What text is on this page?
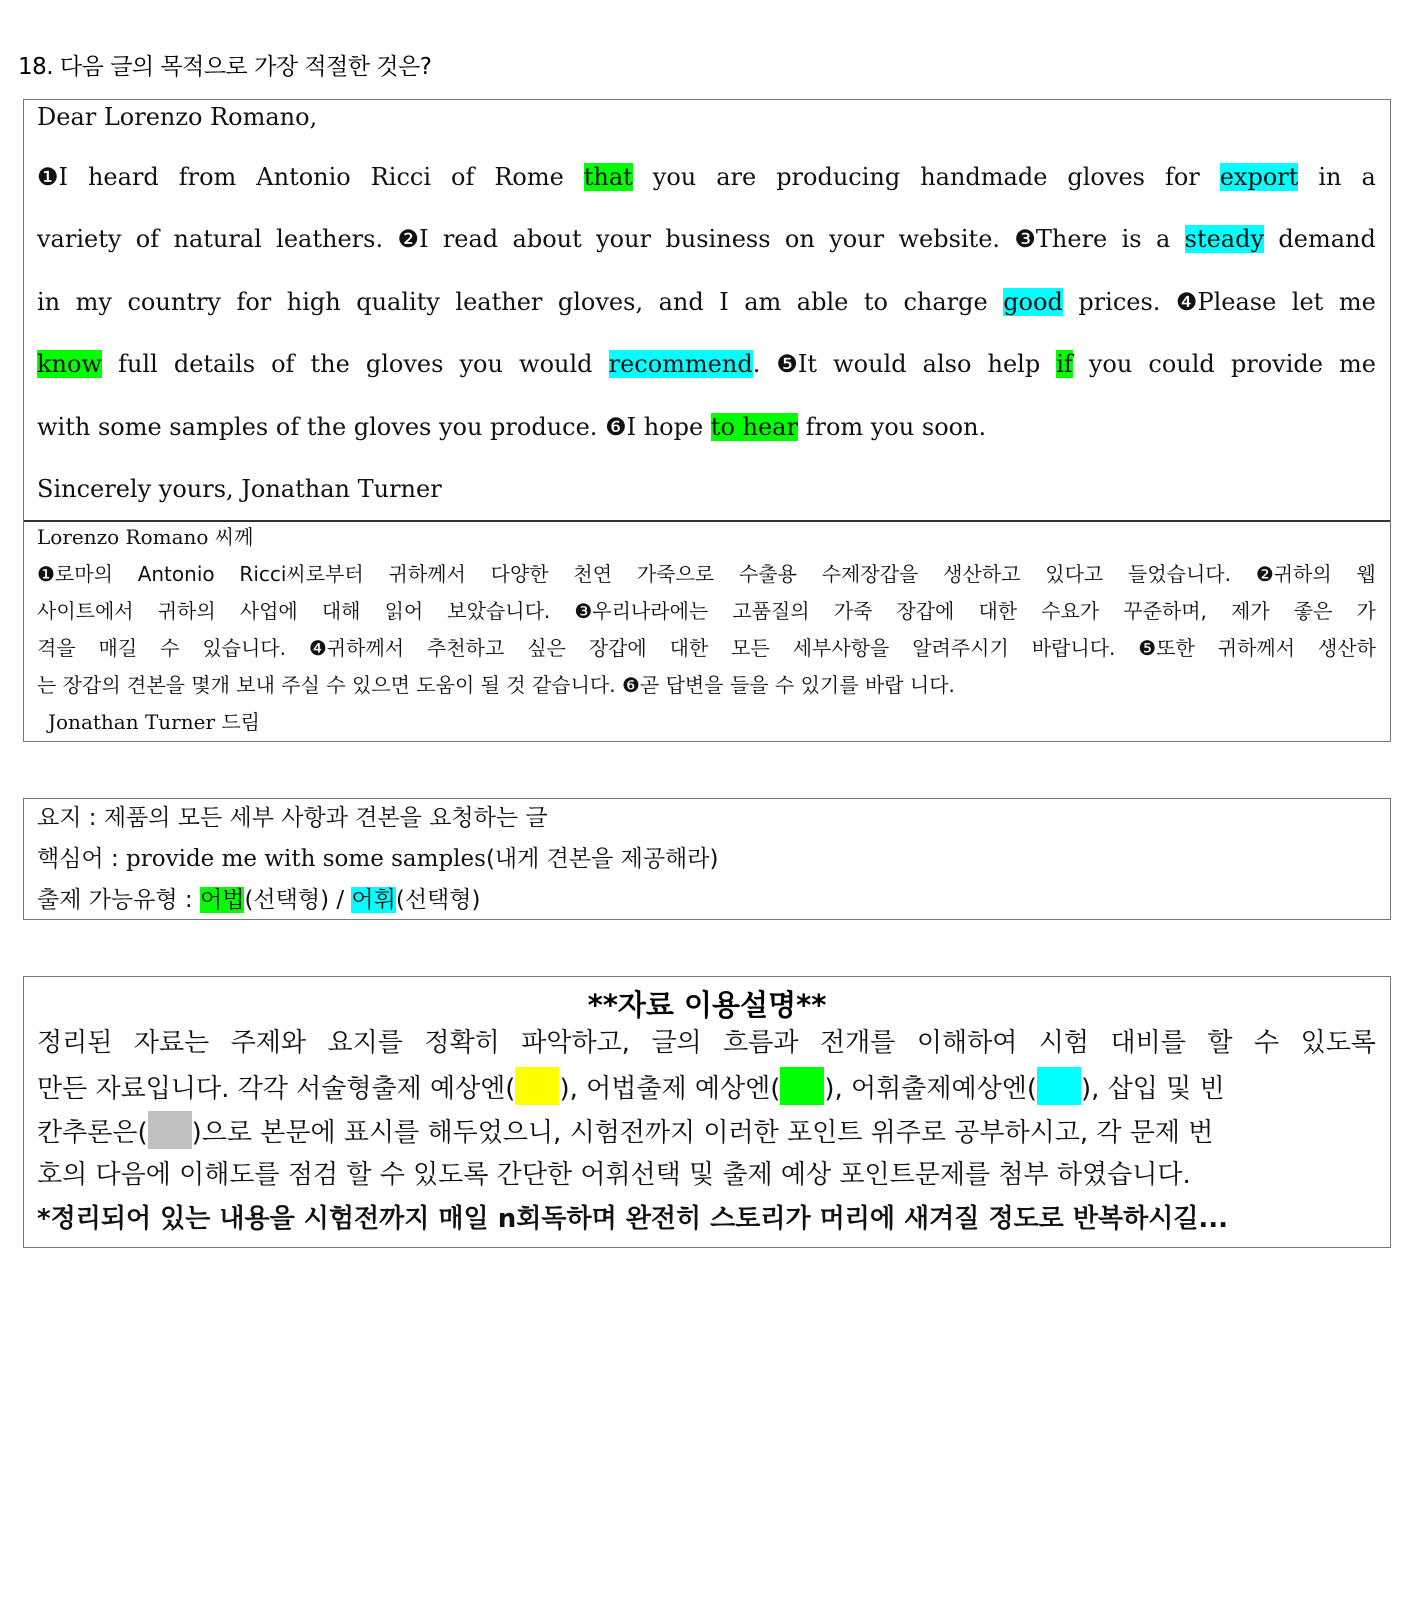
18. 다음 글의 목적으로 가장 적절한 것은?
Dear Lorenzo Romano,
❶I heard from Antonio Ricci of Rome that you are producing handmade gloves for export in a
variety of natural leathers. ❷I read about your business on your website. ❸There is a steady demand
in my country for high quality leather gloves, and I am able to charge good prices. ❹Please let me
know full details of the gloves you would recommend. ❺It would also help if you could provide me
with some samples of the gloves you produce. ❻I hope to hear from you soon.
Sincerely yours, Jonathan Turner
Lorenzo Romano 씨께
❶로마의 Antonio Ricci씨로부터 귀하께서 다양한 천연 가죽으로 수출용 수제장갑을 생산하고 있다고 들었습니다. ❷귀하의 웹
사이트에서 귀하의 사업에 대해 읽어 보았습니다. ❸우리나라에는 고품질의 가죽 장갑에 대한 수요가 꾸준하며, 제가 좋은 가
격을 매길 수 있습니다. ❹귀하께서 추천하고 싶은 장갑에 대한 모든 세부사항을 알려주시기 바랍니다. ❺또한 귀하께서 생산하
는 장갑의 견본을 몇개 보내 주실 수 있으면 도움이 될 것 같습니다. ❻곧 답변을 들을 수 있기를 바랍 니다.
Jonathan Turner 드림
요지 : 제품의 모든 세부 사항과 견본을 요청하는 글
핵심어 : provide me with some samples(내게 견본을 제공해라)
출제 가능유형 : 어법(선택형) / 어휘(선택형)
**자료 이용설명**
정리된 자료는 주제와 요지를 정확히 파악하고, 글의 흐름과 전개를 이해하여 시험 대비를 할 수 있도록
만든 자료입니다. 각각 서술형출제 예상엔( ), 어법출제 예상엔( ), 어휘출제예상엔( ), 삽입 및 빈
칸추론은( )으로 본문에 표시를 해두었으니, 시험전까지 이러한 포인트 위주로 공부하시고, 각 문제 번
호의 다음에 이해도를 점검 할 수 있도록 간단한 어휘선택 및 출제 예상 포인트문제를 첨부 하였습니다.
*정리되어 있는 내용을 시험전까지 매일 n회독하며 완전히 스토리가 머리에 새겨질 정도로 반복하시길...
